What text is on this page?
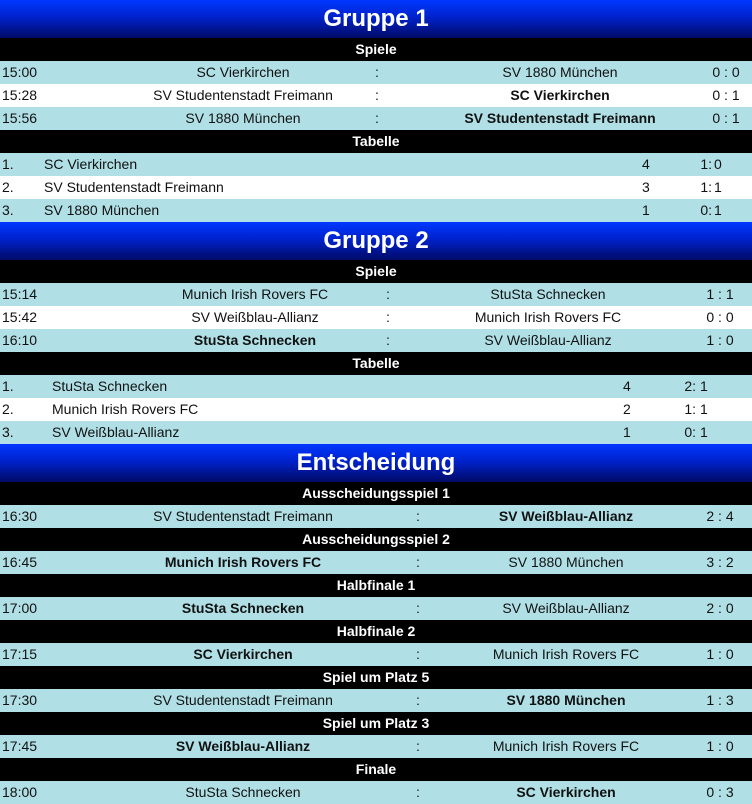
Gruppe 1
Spiele
15:00	SC Vierkirchen	:	SV 1880 München	0 : 0
15:28	SV Studentenstadt Freimann	:	SC Vierkirchen	0 : 1
15:56	SV 1880 München	:	SV Studentenstadt Freimann	0 : 1
Tabelle
1. SC Vierkirchen	4	1: 0
2. SV Studentenstadt Freimann	3	1: 1
3. SV 1880 München	1	0: 1
Gruppe 2
Spiele
15:14	Munich Irish Rovers FC	:	StuSta Schnecken	1 : 1
15:42	SV Weißblau-Allianz	:	Munich Irish Rovers FC	0 : 0
16:10	StuSta Schnecken	:	SV Weißblau-Allianz	1 : 0
Tabelle
1.	StuSta Schnecken	4	2: 1
2.	Munich Irish Rovers FC	2	1: 1
3.	SV Weißblau-Allianz	1	0: 1
Entscheidung
Ausscheidungsspiel 1
16:30	SV Studentenstadt Freimann	:	SV Weißblau-Allianz	2 : 4
Ausscheidungsspiel 2
16:45	Munich Irish Rovers FC	:	SV 1880 München	3 : 2
Halbfinale 1
17:00	StuSta Schnecken	:	SV Weißblau-Allianz	2 : 0
Halbfinale 2
17:15	SC Vierkirchen	:	Munich Irish Rovers FC	1 : 0
Spiel um Platz 5
17:30	SV Studentenstadt Freimann	:	SV 1880 München	1 : 3
Spiel um Platz 3
17:45	SV Weißblau-Allianz	:	Munich Irish Rovers FC	1 : 0
Finale
18:00	StuSta Schnecken	:	SC Vierkirchen	0 : 3
